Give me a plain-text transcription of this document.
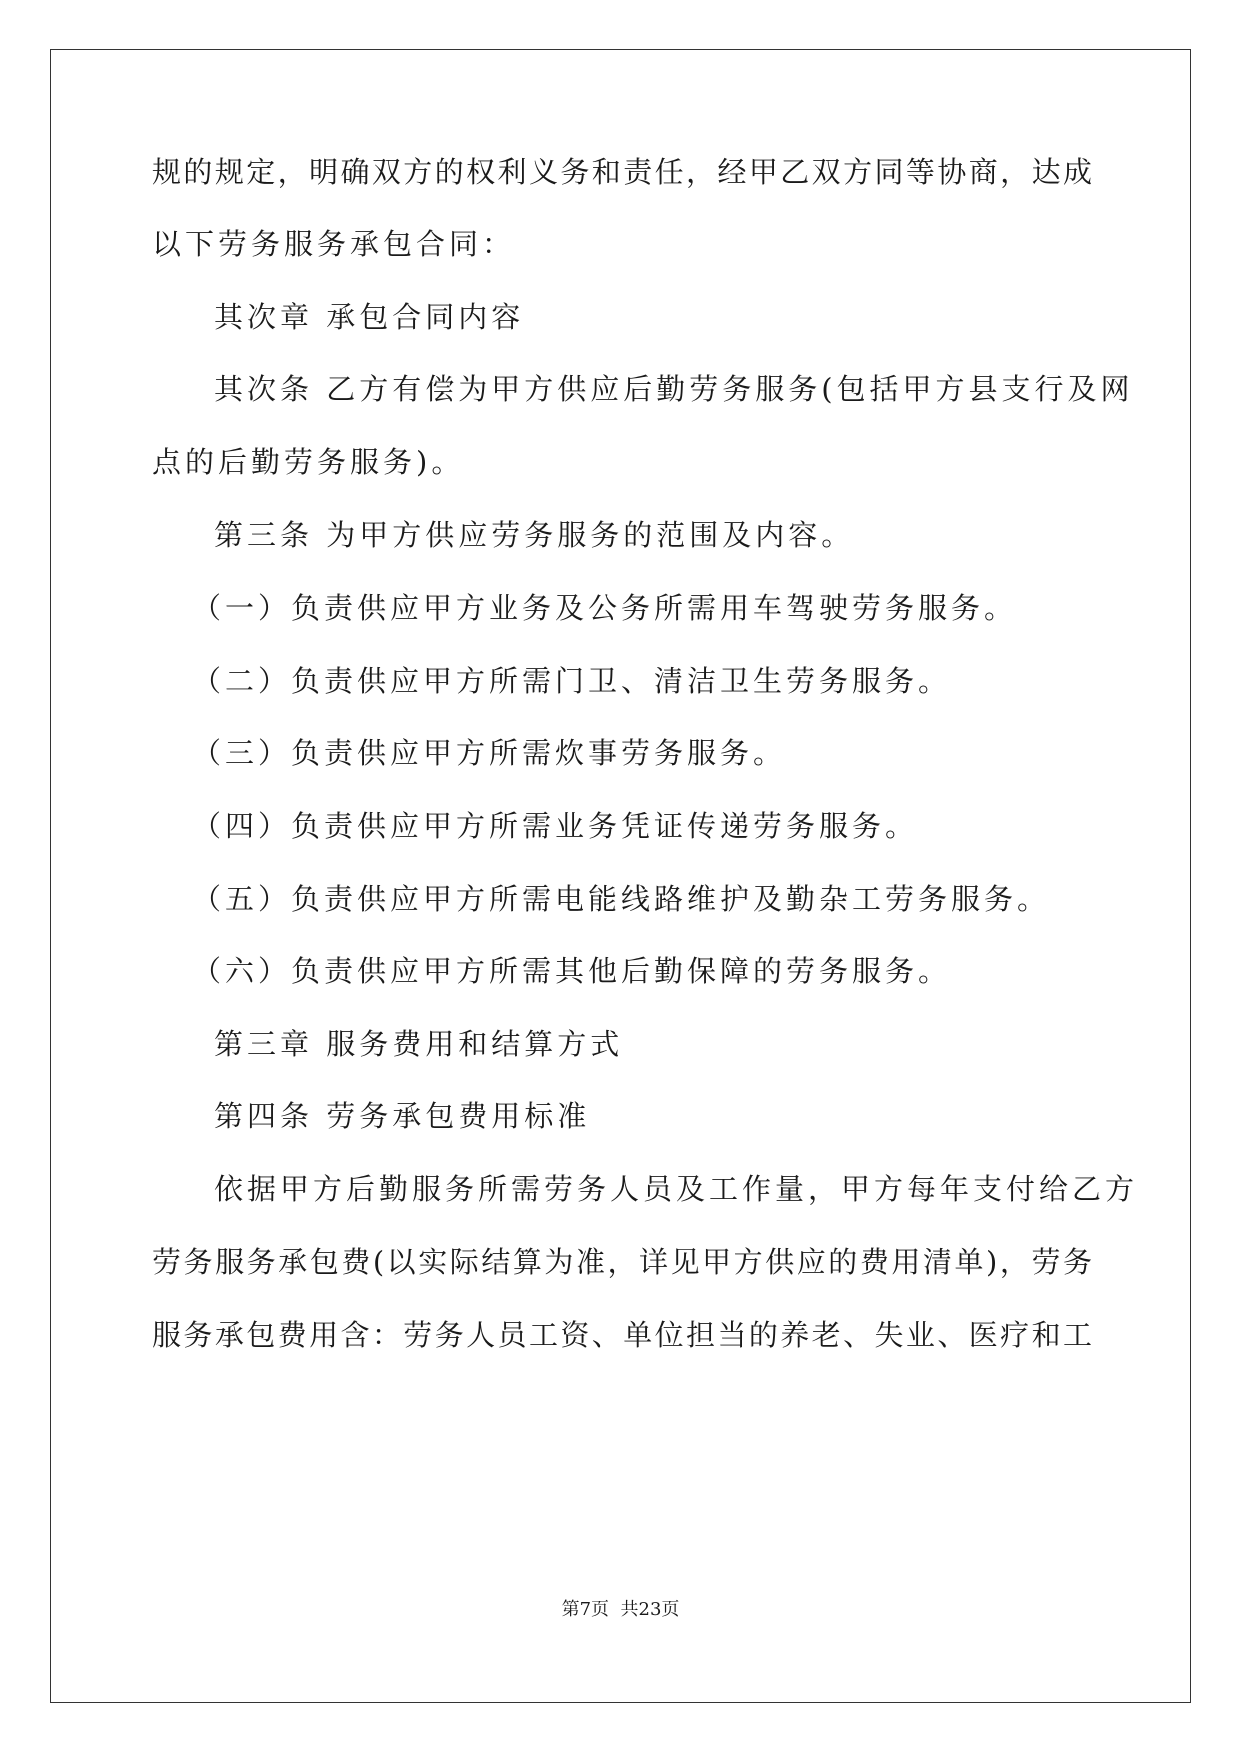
规的规定，明确双方的权利义务和责任，经甲乙双方同等协商，达成
以下劳务服务承包合同：
其次章 承包合同内容
其次条 乙方有偿为甲方供应后勤劳务服务(包括甲方县支行及网
点的后勤劳务服务)。
第三条 为甲方供应劳务服务的范围及内容。
（一）负责供应甲方业务及公务所需用车驾驶劳务服务。
（二）负责供应甲方所需门卫、清洁卫生劳务服务。
（三）负责供应甲方所需炊事劳务服务。
（四）负责供应甲方所需业务凭证传递劳务服务。
（五）负责供应甲方所需电能线路维护及勤杂工劳务服务。
（六）负责供应甲方所需其他后勤保障的劳务服务。
第三章 服务费用和结算方式
第四条 劳务承包费用标准
依据甲方后勤服务所需劳务人员及工作量，甲方每年支付给乙方
劳务服务承包费(以实际结算为准，详见甲方供应的费用清单)，劳务
服务承包费用含：劳务人员工资、单位担当的养老、失业、医疗和工
第7页  共23页
